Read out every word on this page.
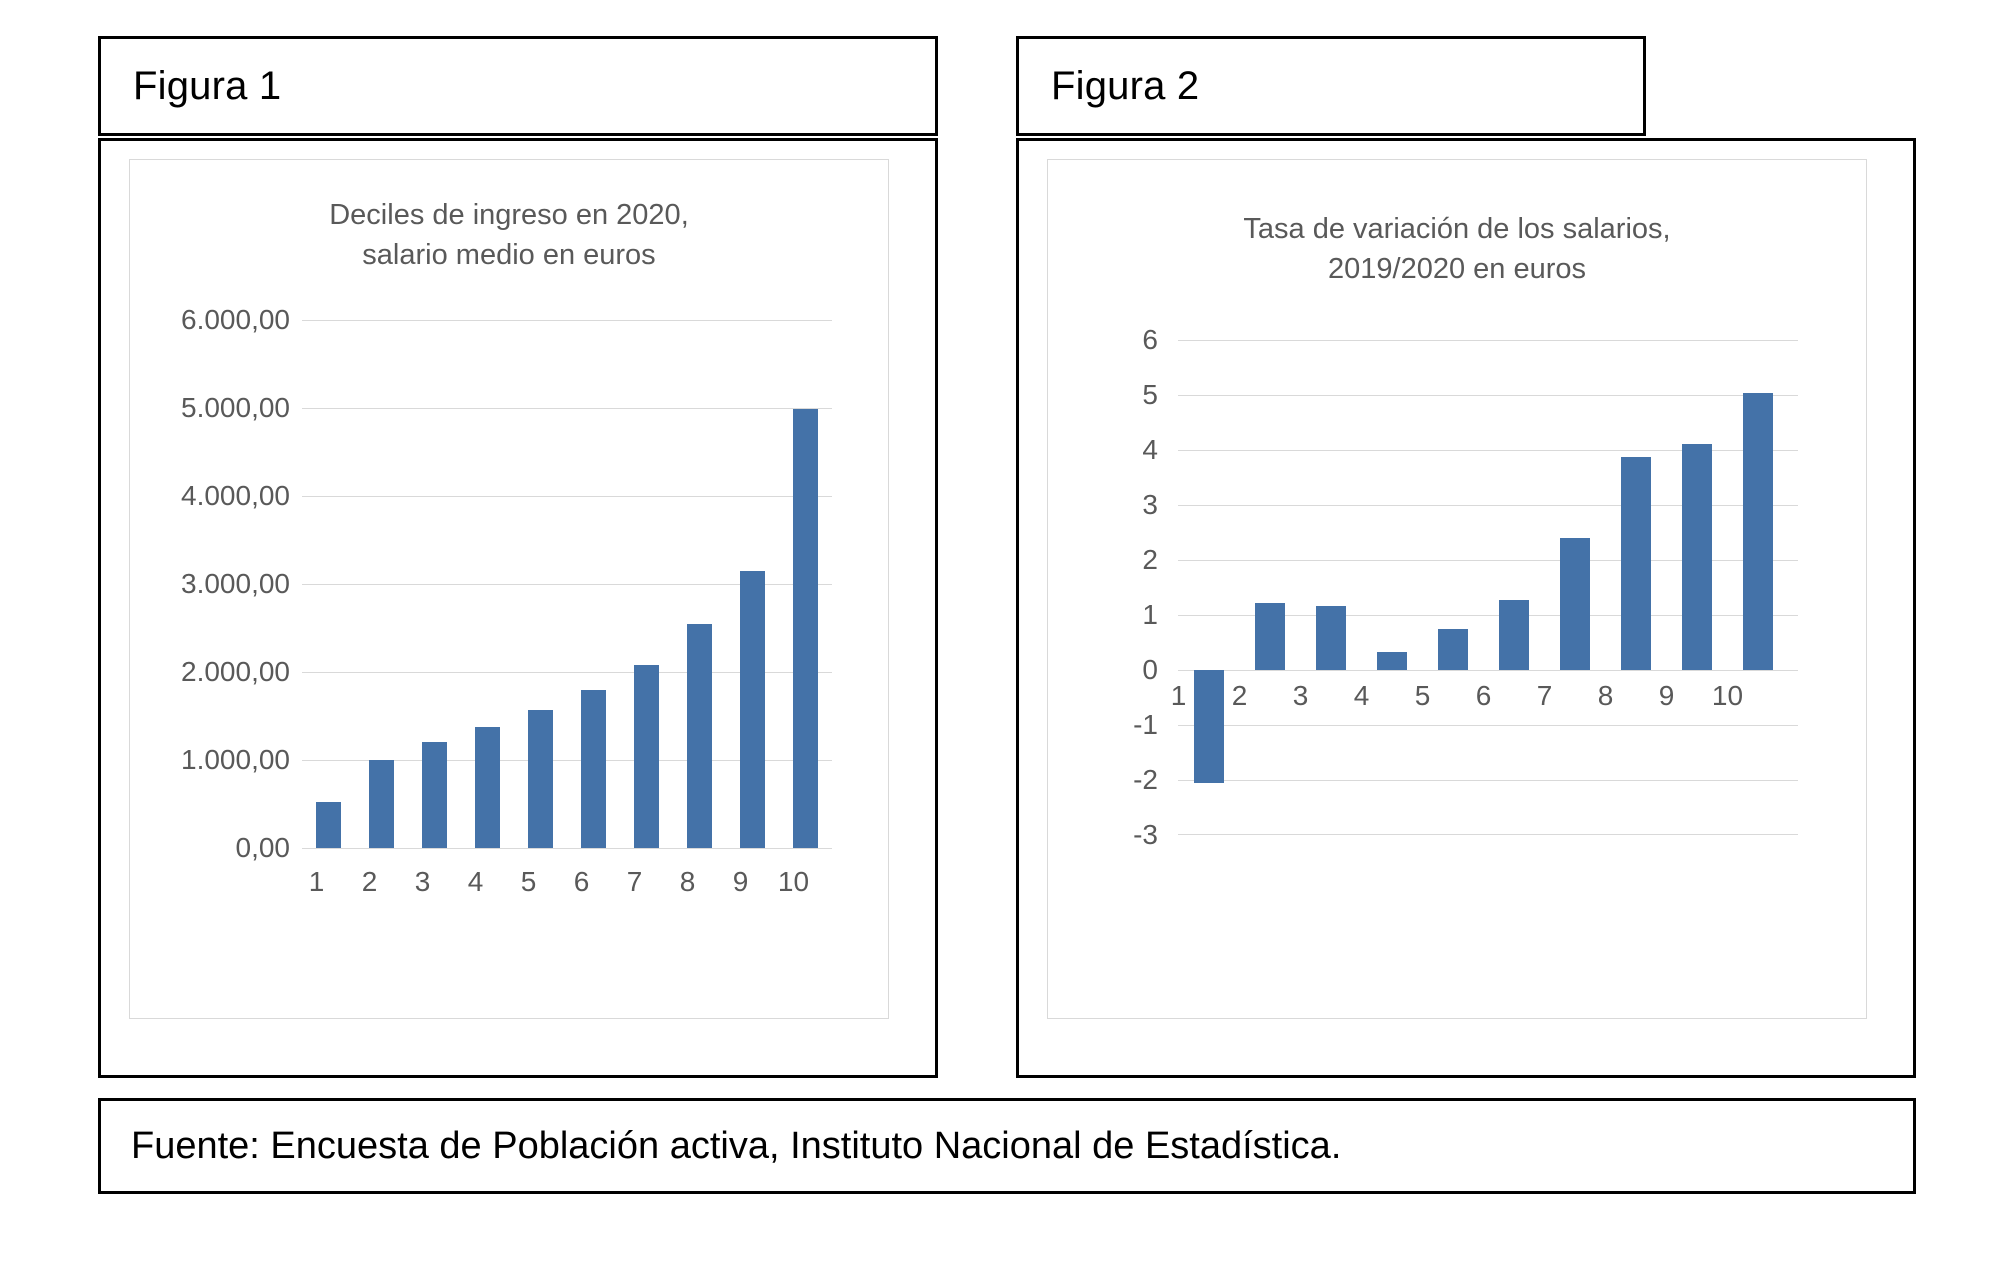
Figura 1	Figura 2
Deciles de ingreso en 2020,
salario medio en euros
6.000,00
5.000,00
4.000,00
3.000,00
2.000,00
1.000,00
0,00
1	2	3	4	5	6	7	8	9	10
Tasa de variación de los salarios,
2019/2020 en euros
6
5
4
3
2
1
0
-1
-2
-3
1	2	3	4	5	6	7	8	9	10
Fuente: Encuesta de Población activa, Instituto Nacional de Estadística.
